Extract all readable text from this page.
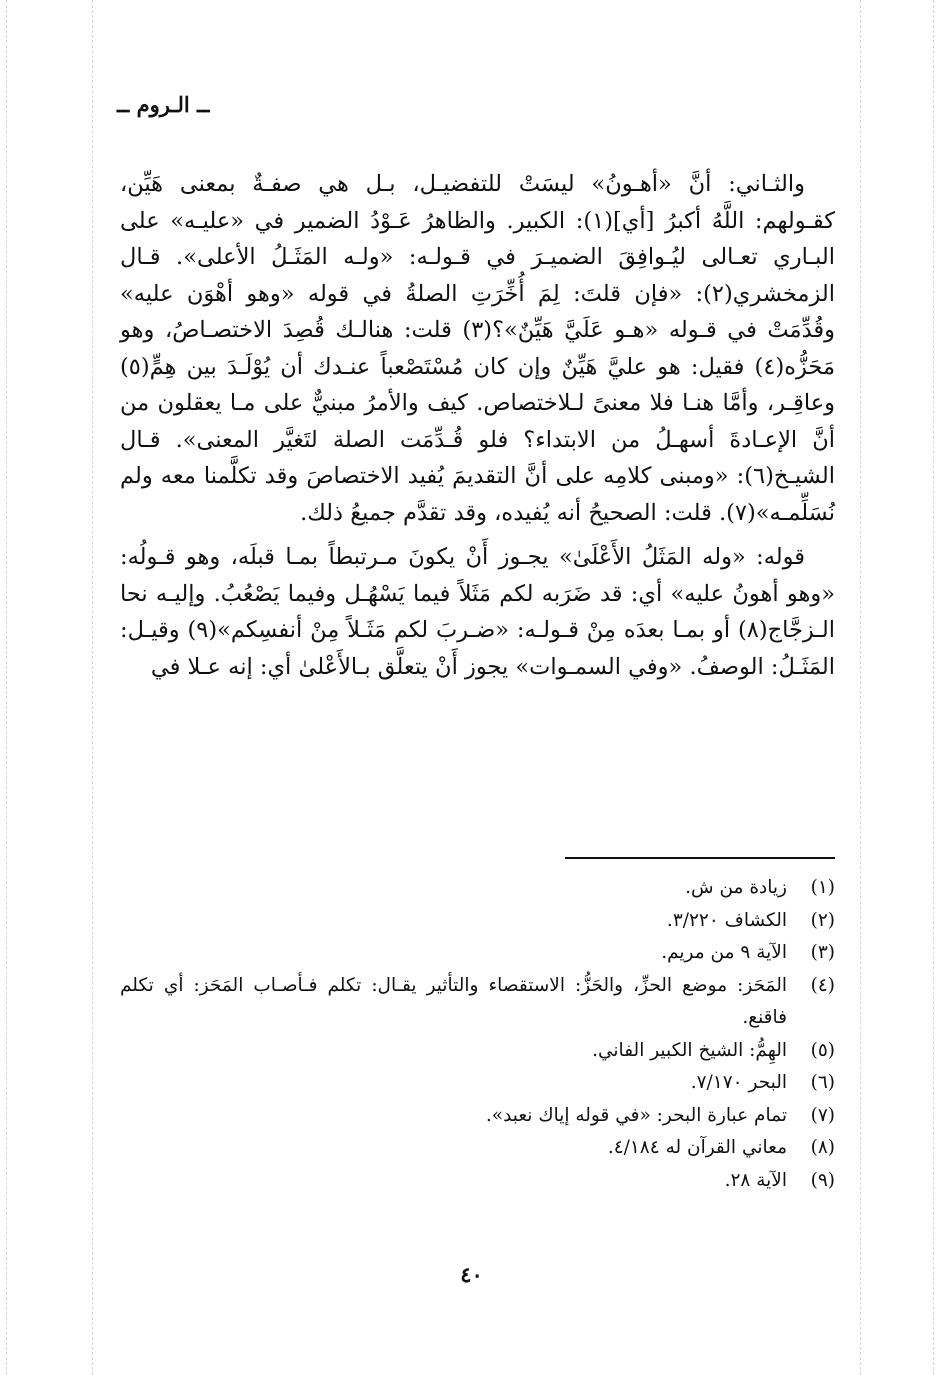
ــ الـروم ــ

والثـاني: أنَّ «أهـونُ» ليسَتْ للتفضيـل، بـل هي صفـةٌ بمعنى هَيِّن، كقـولهم: اللَّهُ أكبرُ [أي](١): الكبير. والظاهرُ عَـوْدُ الضمير في «عليـه» على البـاري تعـالى ليُـوافِقَ الضميـرَ في قـولـه: «ولـه المَثَـلُ الأعلى». قـال الزمخشري(٢): «فإن قلتَ: لِمَ أُخِّرَتِ الصلةُ في قوله «وهو أهْوَن عليه» وقُدِّمَتْ في قـوله «هـو عَلَيَّ هَيِّنٌ»؟(٣) قلت: هنالـك قُصِدَ الاختصـاصُ، وهو مَحَزُّه(٤) فقيل: هو عليَّ هَيِّنٌ وإن كان مُسْتَصْعباً عنـدك أن يُوْلَـدَ بين هِمٍّ(٥) وعاقِـر، وأمَّا هنـا فلا معنىً لـلاختصاص. كيف والأمرُ مبنيٌّ على مـا يعقلون من أنَّ الإعـادةَ أسهـلُ من الابتداء؟ فلو قُـدِّمَت الصلة لتَغيَّر المعنى». قـال الشيـخ(٦): «ومبنى كلامِه على أنَّ التقديمَ يُفيد الاختصاصَ وقد تكلَّمنا معه ولم نُسَلِّمـه»(٧). قلت: الصحيحُ أنه يُفيده، وقد تقدَّم جميعُ ذلك.

قوله: «وله المَثَلُ الأَعْلَىٰ» يجـوز أَنْ يكونَ مـرتبطاً بمـا قبلَه، وهو قـولُه: «وهو أهونُ عليه» أي: قد ضَرَبه لكم مَثَلاً فيما يَسْهُـل وفيما يَصْعُبُ. وإليـه نحا الـزجَّاج(٨) أو بمـا بعدَه مِنْ قـولـه: «ضـربَ لكم مَثَـلاً مِنْ أنفسِكم»(٩) وقيـل: المَثَـلُ: الوصفُ. «وفي السمـوات» يجوز أَنْ يتعلَّق بـالأَعْلىٰ أي: إنه عـلا في

(١)
زيادة من ش.
(٢)
الكشاف ٣/٢٢٠.
(٣)
الآية ٩ من مريم.
(٤)
المَحَز: موضع الحزِّ، والحَزُّ: الاستقصاء والتأثير يقـال: تكلم فـأصـاب المَحَز: أي تكلم فاقنع.
(٥)
الهِمُّ: الشيخ الكبير الفاني.
(٦)
البحر ٧/١٧٠.
(٧)
تمام عبارة البحر: «في قوله إياك نعبد».
(٨)
معاني القرآن له ٤/١٨٤.
(٩)
الآية ٢٨.
٤٠
